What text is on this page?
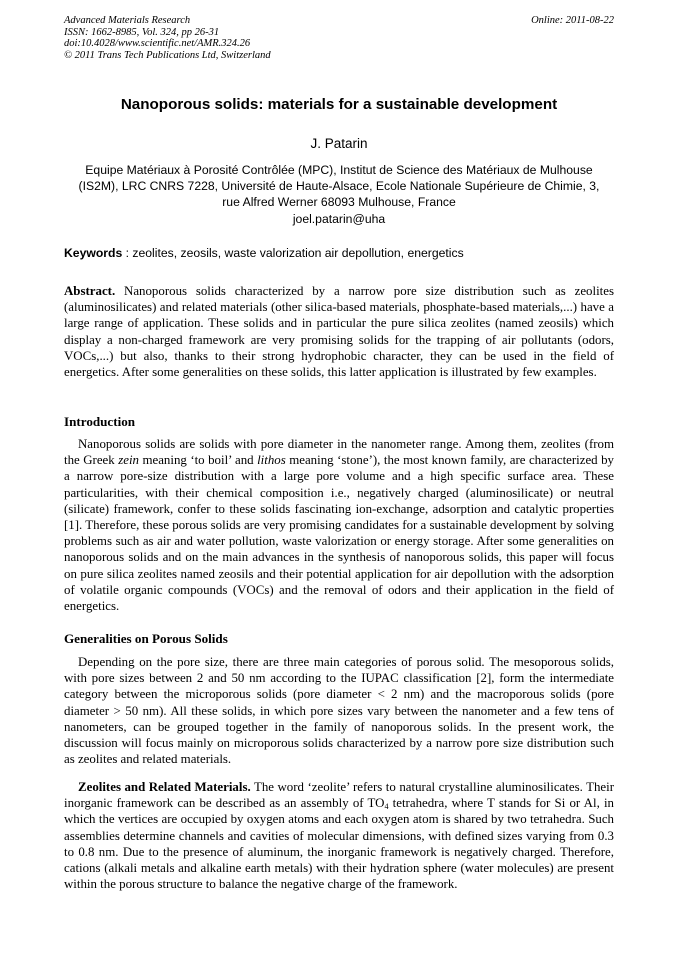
Advanced Materials Research
ISSN: 1662-8985, Vol. 324, pp 26-31
doi:10.4028/www.scientific.net/AMR.324.26
© 2011 Trans Tech Publications Ltd, Switzerland
Online: 2011-08-22
Nanoporous solids: materials for a sustainable development
J. Patarin
Equipe Matériaux à Porosité Contrôlée (MPC), Institut de Science des Matériaux de Mulhouse
(IS2M), LRC CNRS 7228, Université de Haute-Alsace, Ecole Nationale Supérieure de Chimie, 3,
rue Alfred Werner 68093 Mulhouse, France
joel.patarin@uha
Keywords : zeolites, zeosils, waste valorization air depollution, energetics

Abstract. Nanoporous solids characterized by a narrow pore size distribution such as zeolites (aluminosilicates) and related materials (other silica-based materials, phosphate-based materials,...) have a large range of application. These solids and in particular the pure silica zeolites (named zeosils) which display a non-charged framework are very promising solids for the trapping of air pollutants (odors, VOCs,...) but also, thanks to their strong hydrophobic character, they can be used in the field of energetics. After some generalities on these solids, this latter application is illustrated by few examples.

Introduction

Nanoporous solids are solids with pore diameter in the nanometer range. Among them, zeolites (from the Greek zein meaning ‘to boil’ and lithos meaning ‘stone’), the most known family, are characterized by a narrow pore-size distribution with a large pore volume and a high specific surface area. These particularities, with their chemical composition i.e., negatively charged (aluminosilicate) or neutral (silicate) framework, confer to these solids fascinating ion-exchange, adsorption and catalytic properties [1]. Therefore, these porous solids are very promising candidates for a sustainable development by solving problems such as air and water pollution, waste valorization or energy storage. After some generalities on nanoporous solids and on the main advances in the synthesis of nanoporous solids, this paper will focus on pure silica zeolites named zeosils and their potential application for air depollution with the adsorption of volatile organic compounds (VOCs) and the removal of odors and their application in the field of energetics.

Generalities on Porous Solids

Depending on the pore size, there are three main categories of porous solid. The mesoporous solids, with pore sizes between 2 and 50 nm according to the IUPAC classification [2], form the intermediate category between the microporous solids (pore diameter < 2 nm) and the macroporous solids (pore diameter > 50 nm). All these solids, in which pore sizes vary between the nanometer and a few tens of nanometers, can be grouped together in the family of nanoporous solids. In the present work, the discussion will focus mainly on microporous solids characterized by a narrow pore size distribution such as zeolites and related materials.

Zeolites and Related Materials. The word ‘zeolite’ refers to natural crystalline aluminosilicates. Their inorganic framework can be described as an assembly of $TO_4$ tetrahedra, where T stands for Si or Al, in which the vertices are occupied by oxygen atoms and each oxygen atom is shared by two tetrahedra. Such assemblies determine channels and cavities of molecular dimensions, with defined sizes varying from 0.3 to 0.8 nm. Due to the presence of aluminum, the inorganic framework is negatively charged. Therefore, cations (alkali metals and alkaline earth metals) with their hydration sphere (water molecules) are present within the porous structure to balance the negative charge of the framework.
